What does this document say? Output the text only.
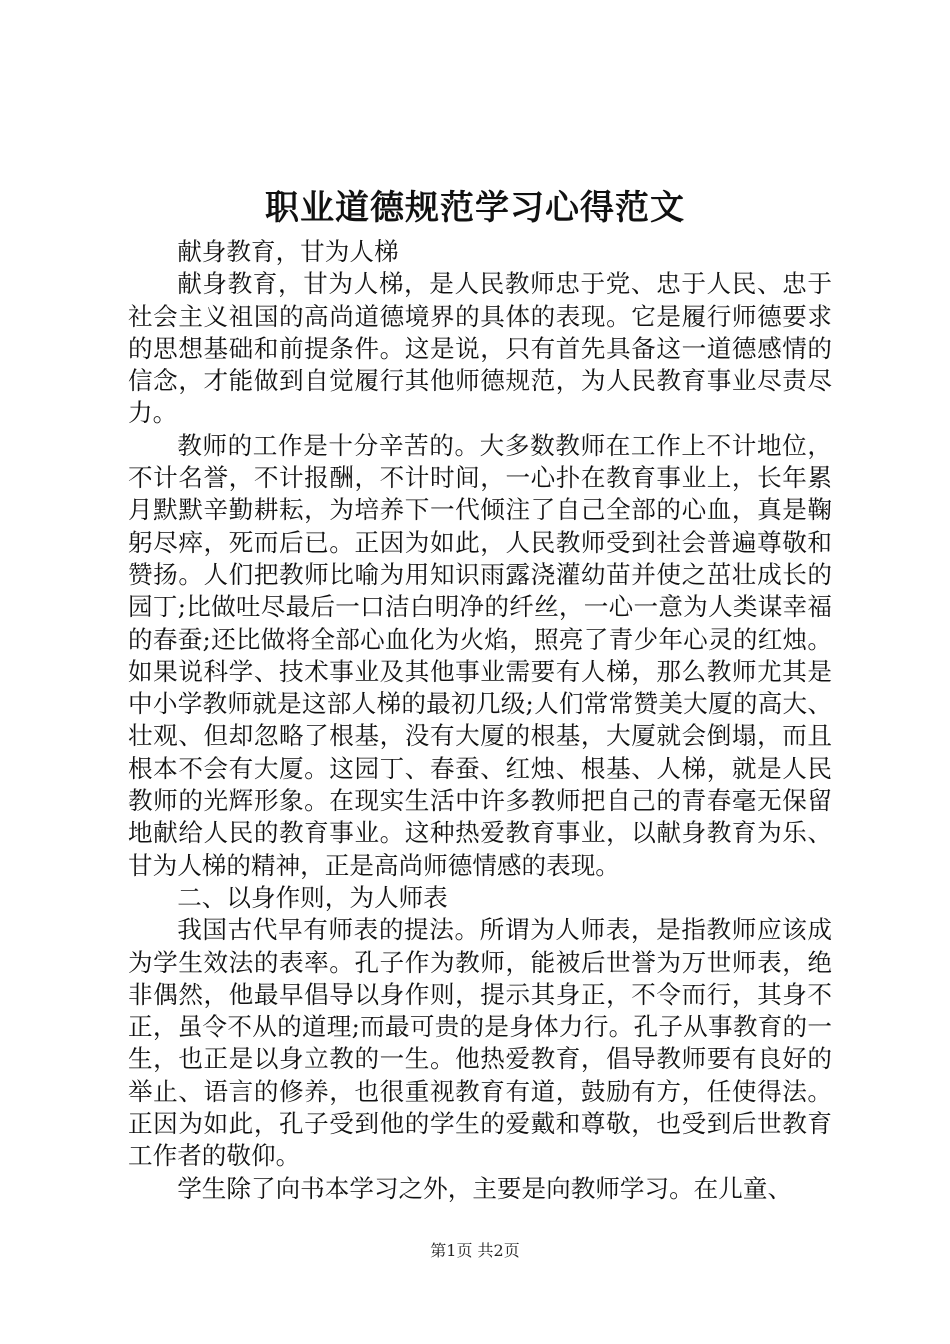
职业道德规范学习心得范文

献身教育，甘为人梯

献身教育，甘为人梯，是人民教师忠于党、忠于人民、忠于社会主义祖国的高尚道德境界的具体的表现。它是履行师德要求的思想基础和前提条件。这是说，只有首先具备这一道德感情的信念，才能做到自觉履行其他师德规范，为人民教育事业尽责尽力。

教师的工作是十分辛苦的。大多数教师在工作上不计地位，不计名誉，不计报酬，不计时间，一心扑在教育事业上，长年累月默默辛勤耕耘，为培养下一代倾注了自己全部的心血，真是鞠躬尽瘁，死而后已。正因为如此，人民教师受到社会普遍尊敬和赞扬。人们把教师比喻为用知识雨露浇灌幼苗并使之茁壮成长的园丁;比做吐尽最后一口洁白明净的纤丝，一心一意为人类谋幸福的春蚕;还比做将全部心血化为火焰，照亮了青少年心灵的红烛。如果说科学、技术事业及其他事业需要有人梯，那么教师尤其是中小学教师就是这部人梯的最初几级;人们常常赞美大厦的高大、壮观、但却忽略了根基，没有大厦的根基，大厦就会倒塌，而且根本不会有大厦。这园丁、春蚕、红烛、根基、人梯，就是人民教师的光辉形象。在现实生活中许多教师把自己的青春毫无保留地献给人民的教育事业。这种热爱教育事业，以献身教育为乐、甘为人梯的精神，正是高尚师德情感的表现。

二、以身作则，为人师表

我国古代早有师表的提法。所谓为人师表，是指教师应该成为学生效法的表率。孔子作为教师，能被后世誉为万世师表，绝非偶然，他最早倡导以身作则，提示其身正，不令而行，其身不正，虽令不从的道理;而最可贵的是身体力行。孔子从事教育的一生，也正是以身立教的一生。他热爱教育，倡导教师要有良好的举止、语言的修养，也很重视教育有道，鼓励有方，任使得法。正因为如此，孔子受到他的学生的爱戴和尊敬，也受到后世教育工作者的敬仰。

学生除了向书本学习之外，主要是向教师学习。在儿童、

第1页 共2页
